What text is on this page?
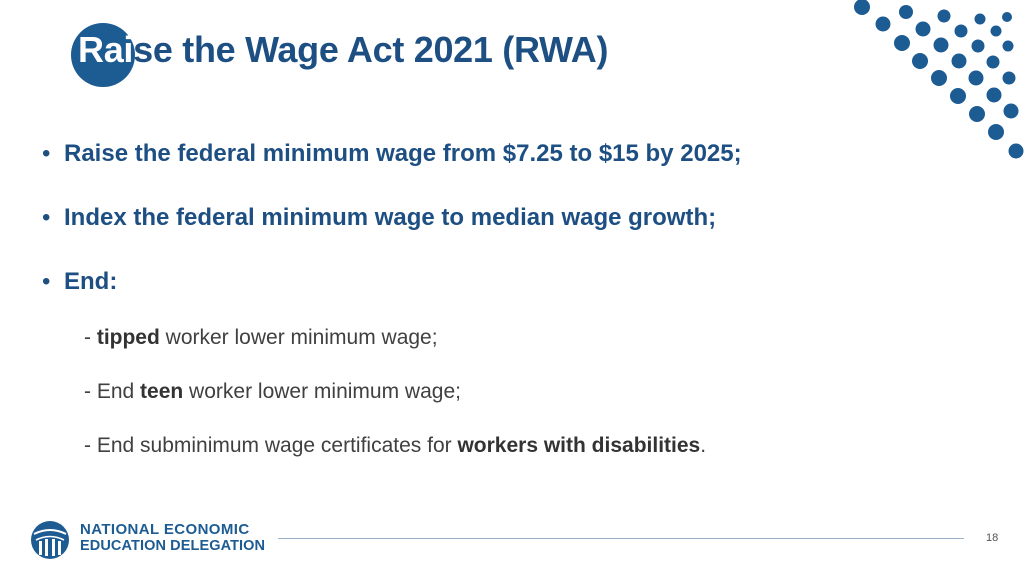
Raise the Wage Act 2021 (RWA)
• Raise the federal minimum wage from $7.25 to $15 by 2025;
• Index the federal minimum wage to median wage growth;
• End:
- tipped worker lower minimum wage;
- End teen worker lower minimum wage;
- End subminimum wage certificates for workers with disabilities.
NATIONAL ECONOMIC
EDUCATION DELEGATION	18
